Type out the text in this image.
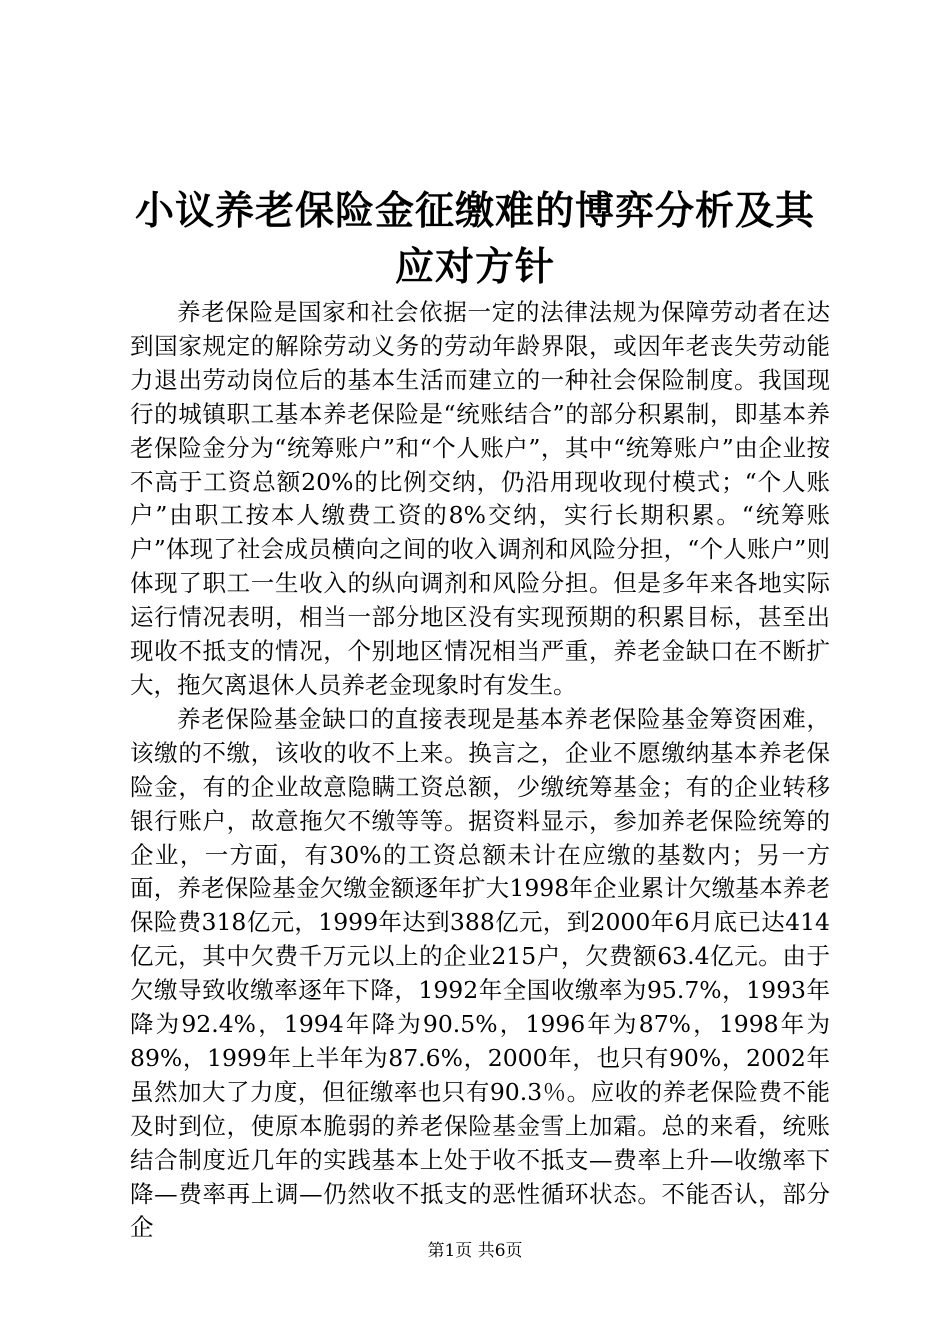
小议养老保险金征缴难的博弈分析及其应对方针

养老保险是国家和社会依据一定的法律法规为保障劳动者在达到国家规定的解除劳动义务的劳动年龄界限，或因年老丧失劳动能力退出劳动岗位后的基本生活而建立的一种社会保险制度。我国现行的城镇职工基本养老保险是“统账结合”的部分积累制，即基本养老保险金分为“统筹账户”和“个人账户”，其中“统筹账户”由企业按不高于工资总额20%的比例交纳，仍沿用现收现付模式；“个人账户”由职工按本人缴费工资的8%交纳，实行长期积累。“统筹账户”体现了社会成员横向之间的收入调剂和风险分担，“个人账户”则体现了职工一生收入的纵向调剂和风险分担。但是多年来各地实际运行情况表明，相当一部分地区没有实现预期的积累目标，甚至出现收不抵支的情况，个别地区情况相当严重，养老金缺口在不断扩大，拖欠离退休人员养老金现象时有发生。

养老保险基金缺口的直接表现是基本养老保险基金筹资困难，该缴的不缴，该收的收不上来。换言之，企业不愿缴纳基本养老保险金，有的企业故意隐瞒工资总额，少缴统筹基金；有的企业转移银行账户，故意拖欠不缴等等。据资料显示，参加养老保险统筹的企业，一方面，有30%的工资总额未计在应缴的基数内；另一方面，养老保险基金欠缴金额逐年扩大1998年企业累计欠缴基本养老保险费318亿元，1999年达到388亿元，到2000年6月底已达414亿元，其中欠费千万元以上的企业215户，欠费额63.4亿元。由于欠缴导致收缴率逐年下降，1992年全国收缴率为95.7%，1993年降为92.4%，1994年降为90.5%，1996年为87%，1998年为89%，1999年上半年为87.6%，2000年，也只有90%，2002年虽然加大了力度，但征缴率也只有90.3％。应收的养老保险费不能及时到位，使原本脆弱的养老保险基金雪上加霜。总的来看，统账结合制度近几年的实践基本上处于收不抵支—费率上升—收缴率下降—费率再上调—仍然收不抵支的恶性循环状态。不能否认，部分企

第1页 共6页
